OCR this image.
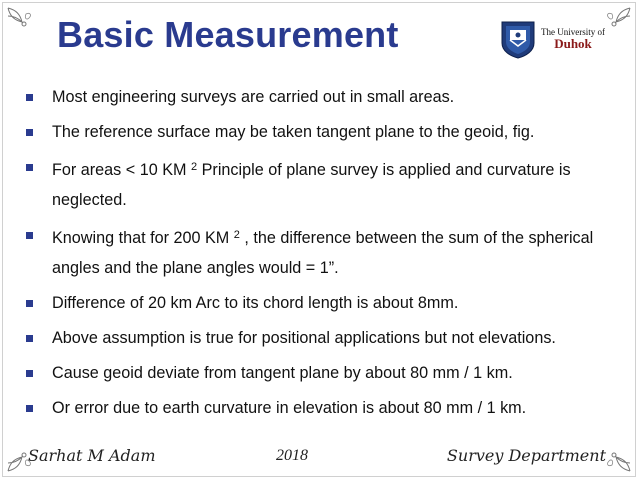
Basic Measurement	The University of
Duhok
Most engineering surveys are carried out in small areas.
The reference surface may be taken tangent plane to the geoid, fig.
For areas < 10 KM $^2$ Principle of plane survey is applied and curvature is neglected.
Knowing that for 200 KM $^2$ , the difference between the sum of the spherical angles and the plane angles would = 1”.
Difference of 20 km Arc to its chord length is about 8mm.
Above assumption is true for positional applications but not elevations.
Cause geoid deviate from tangent plane by about 80 mm / 1 km.
Or error due to earth curvature in elevation is about 80 mm / 1 km.
Sarhat M Adam	2018	Survey Department
